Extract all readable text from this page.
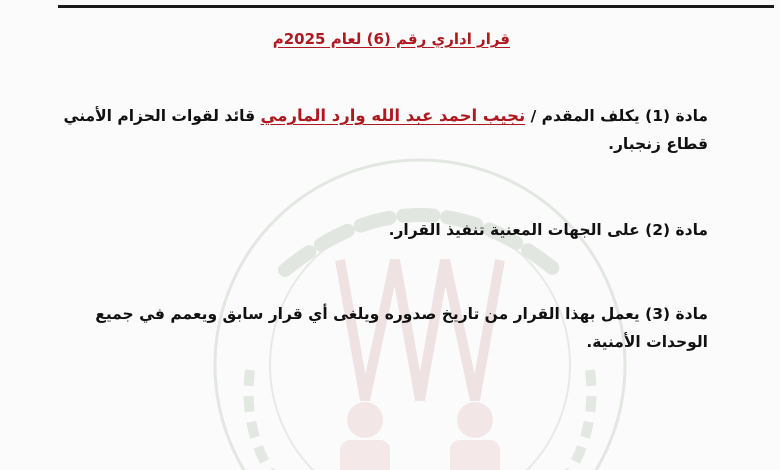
قرار اداري رقم (6) لعام 2025م
مادة (1) يكلف المقدم / نجيب احمد عبد الله وارد المارمي قائد لقوات الحزام الأمني قطاع زنجبار.
مادة (2) على الجهات المعنية تنفيذ القرار.
مادة (3) يعمل بهذا القرار من تاريخ صدوره ويلغى أي قرار سابق ويعمم في جميع الوحدات الأمنية.
